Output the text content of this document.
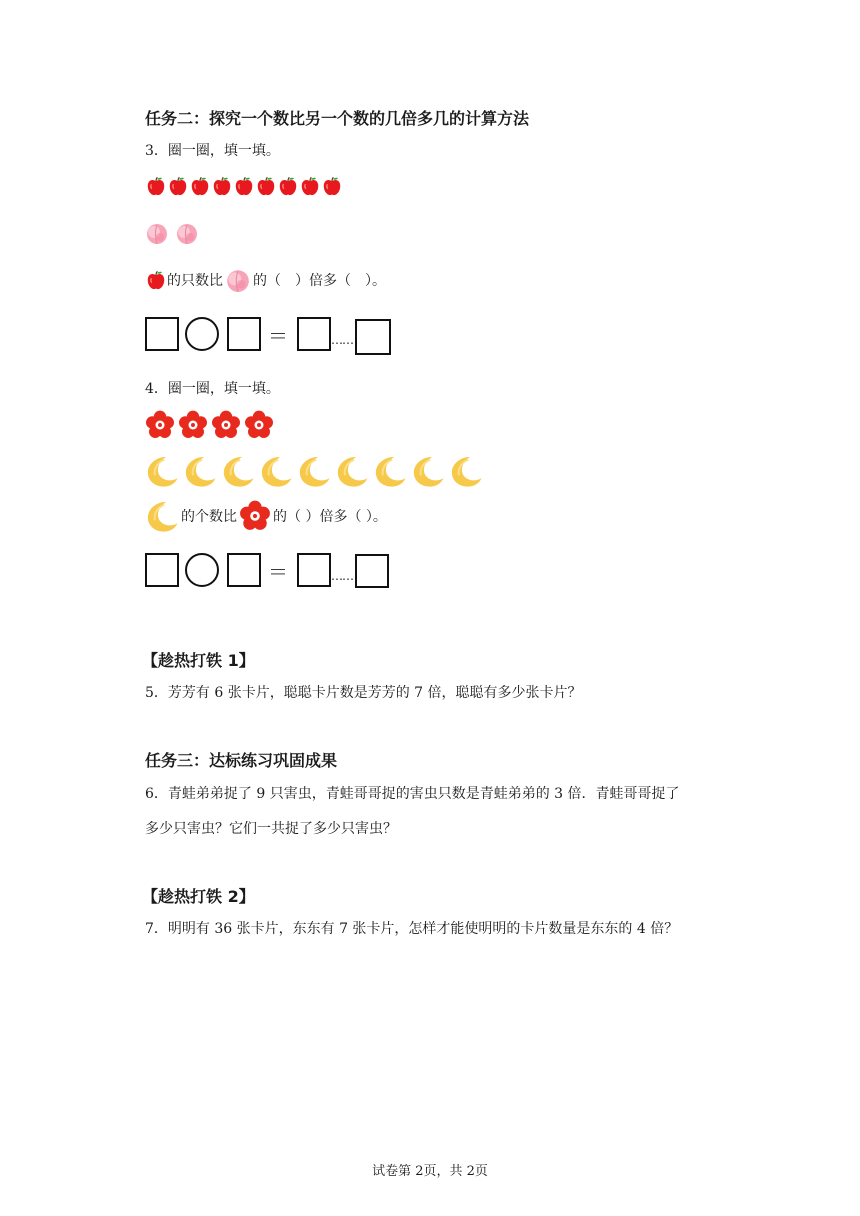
任务二：探究一个数比另一个数的几倍多几的计算方法
3．圈一圈，填一填。
的只数比 的（　）倍多（　）。
＝	……
4．圈一圈，填一填。
的个数比	的（ ）倍多（ ）。
＝	……
【趁热打铁 1】
5．芳芳有 6 张卡片，聪聪卡片数是芳芳的 7 倍，聪聪有多少张卡片？
任务三：达标练习巩固成果
6．青蛙弟弟捉了 9 只害虫，青蛙哥哥捉的害虫只数是青蛙弟弟的 3 倍．青蛙哥哥捉了
多少只害虫？它们一共捉了多少只害虫？
【趁热打铁 2】
7．明明有 36 张卡片，东东有 7 张卡片，怎样才能使明明的卡片数量是东东的 4 倍？
试卷第 2页，共 2页
